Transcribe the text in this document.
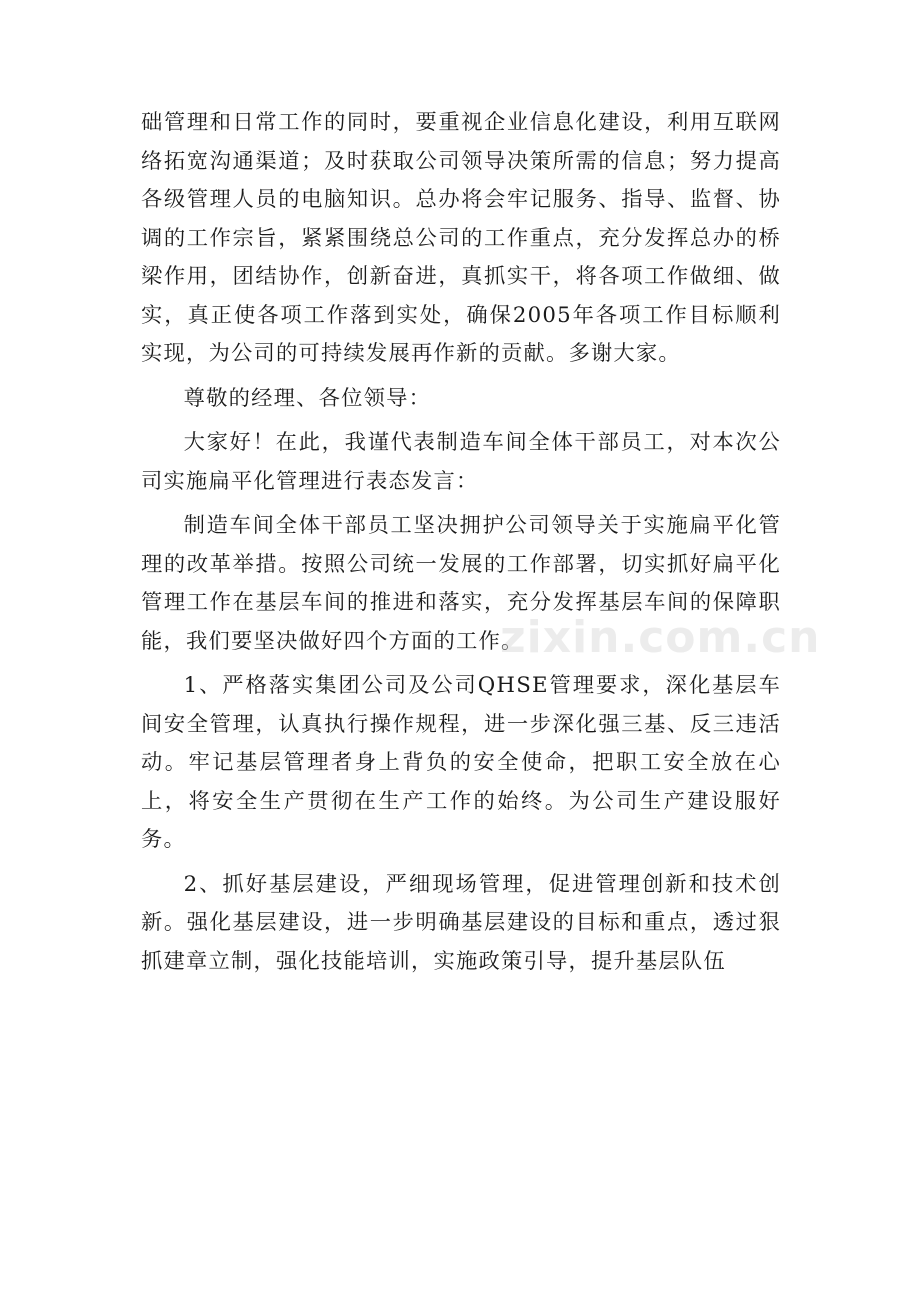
础管理和日常工作的同时，要重视企业信息化建设，利用互联网络拓宽沟通渠道；及时获取公司领导决策所需的信息；努力提高各级管理人员的电脑知识。总办将会牢记服务、指导、监督、协调的工作宗旨，紧紧围绕总公司的工作重点，充分发挥总办的桥梁作用，团结协作，创新奋进，真抓实干，将各项工作做细、做实，真正使各项工作落到实处，确保2005年各项工作目标顺利实现，为公司的可持续发展再作新的贡献。多谢大家。

尊敬的经理、各位领导：

大家好！在此，我谨代表制造车间全体干部员工，对本次公司实施扁平化管理进行表态发言：

制造车间全体干部员工坚决拥护公司领导关于实施扁平化管理的改革举措。按照公司统一发展的工作部署，切实抓好扁平化管理工作在基层车间的推进和落实，充分发挥基层车间的保障职能，我们要坚决做好四个方面的工作。

1、严格落实集团公司及公司QHSE管理要求，深化基层车间安全管理，认真执行操作规程，进一步深化强三基、反三违活动。牢记基层管理者身上背负的安全使命，把职工安全放在心上，将安全生产贯彻在生产工作的始终。为公司生产建设服好务。

2、抓好基层建设，严细现场管理，促进管理创新和技术创新。强化基层建设，进一步明确基层建设的目标和重点，透过狠抓建章立制，强化技能培训，实施政策引导，提升基层队伍

zixin.com.cn
